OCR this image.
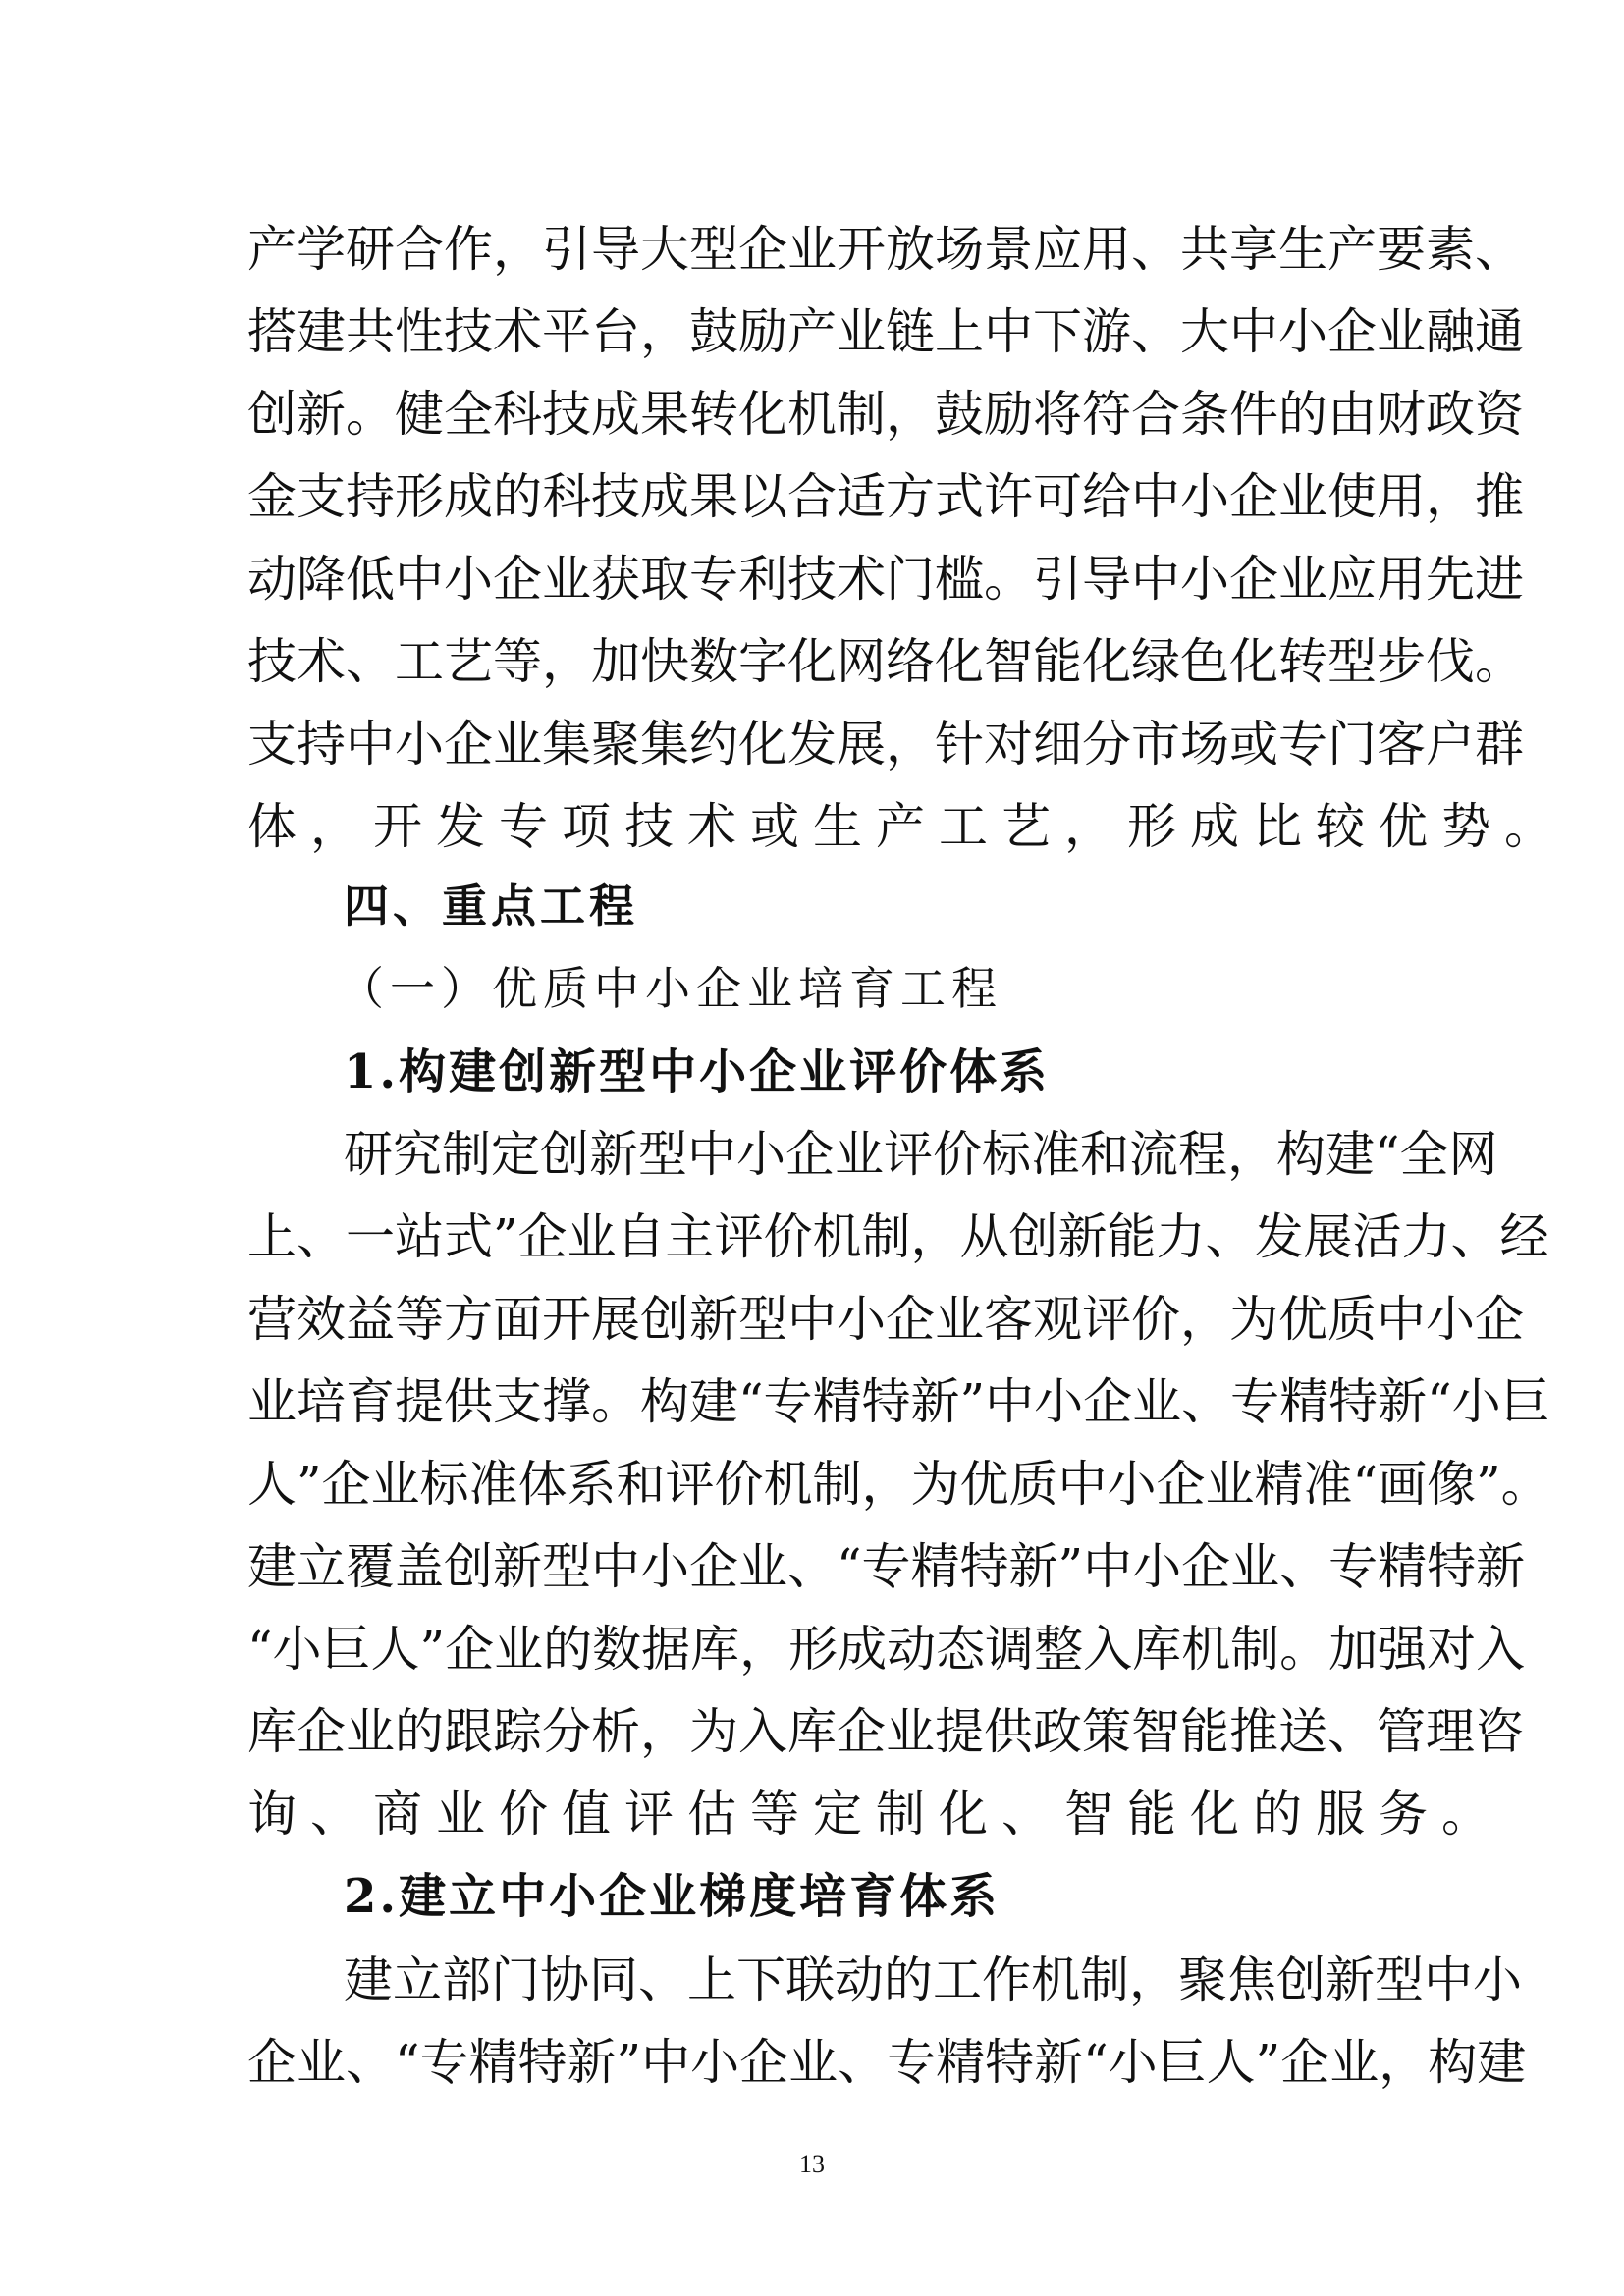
产学研合作，引导大型企业开放场景应用、共享生产要素、
搭建共性技术平台，鼓励产业链上中下游、大中小企业融通
创新。健全科技成果转化机制，鼓励将符合条件的由财政资
金支持形成的科技成果以合适方式许可给中小企业使用，推
动降低中小企业获取专利技术门槛。引导中小企业应用先进
技术、工艺等，加快数字化网络化智能化绿色化转型步伐。
支持中小企业集聚集约化发展，针对细分市场或专门客户群
体，开发专项技术或生产工艺，形成比较优势。
四、重点工程
（一）优质中小企业培育工程
1.构建创新型中小企业评价体系
研究制定创新型中小企业评价标准和流程，构建“全网
上、一站式”企业自主评价机制，从创新能力、发展活力、经
营效益等方面开展创新型中小企业客观评价，为优质中小企
业培育提供支撑。构建“专精特新”中小企业、专精特新“小巨
人”企业标准体系和评价机制，为优质中小企业精准“画像”。
建立覆盖创新型中小企业、“专精特新”中小企业、专精特新
“小巨人”企业的数据库，形成动态调整入库机制。加强对入
库企业的跟踪分析，为入库企业提供政策智能推送、管理咨
询、商业价值评估等定制化、智能化的服务。
2.建立中小企业梯度培育体系
建立部门协同、上下联动的工作机制，聚焦创新型中小
企业、“专精特新”中小企业、专精特新“小巨人”企业，构建
13
